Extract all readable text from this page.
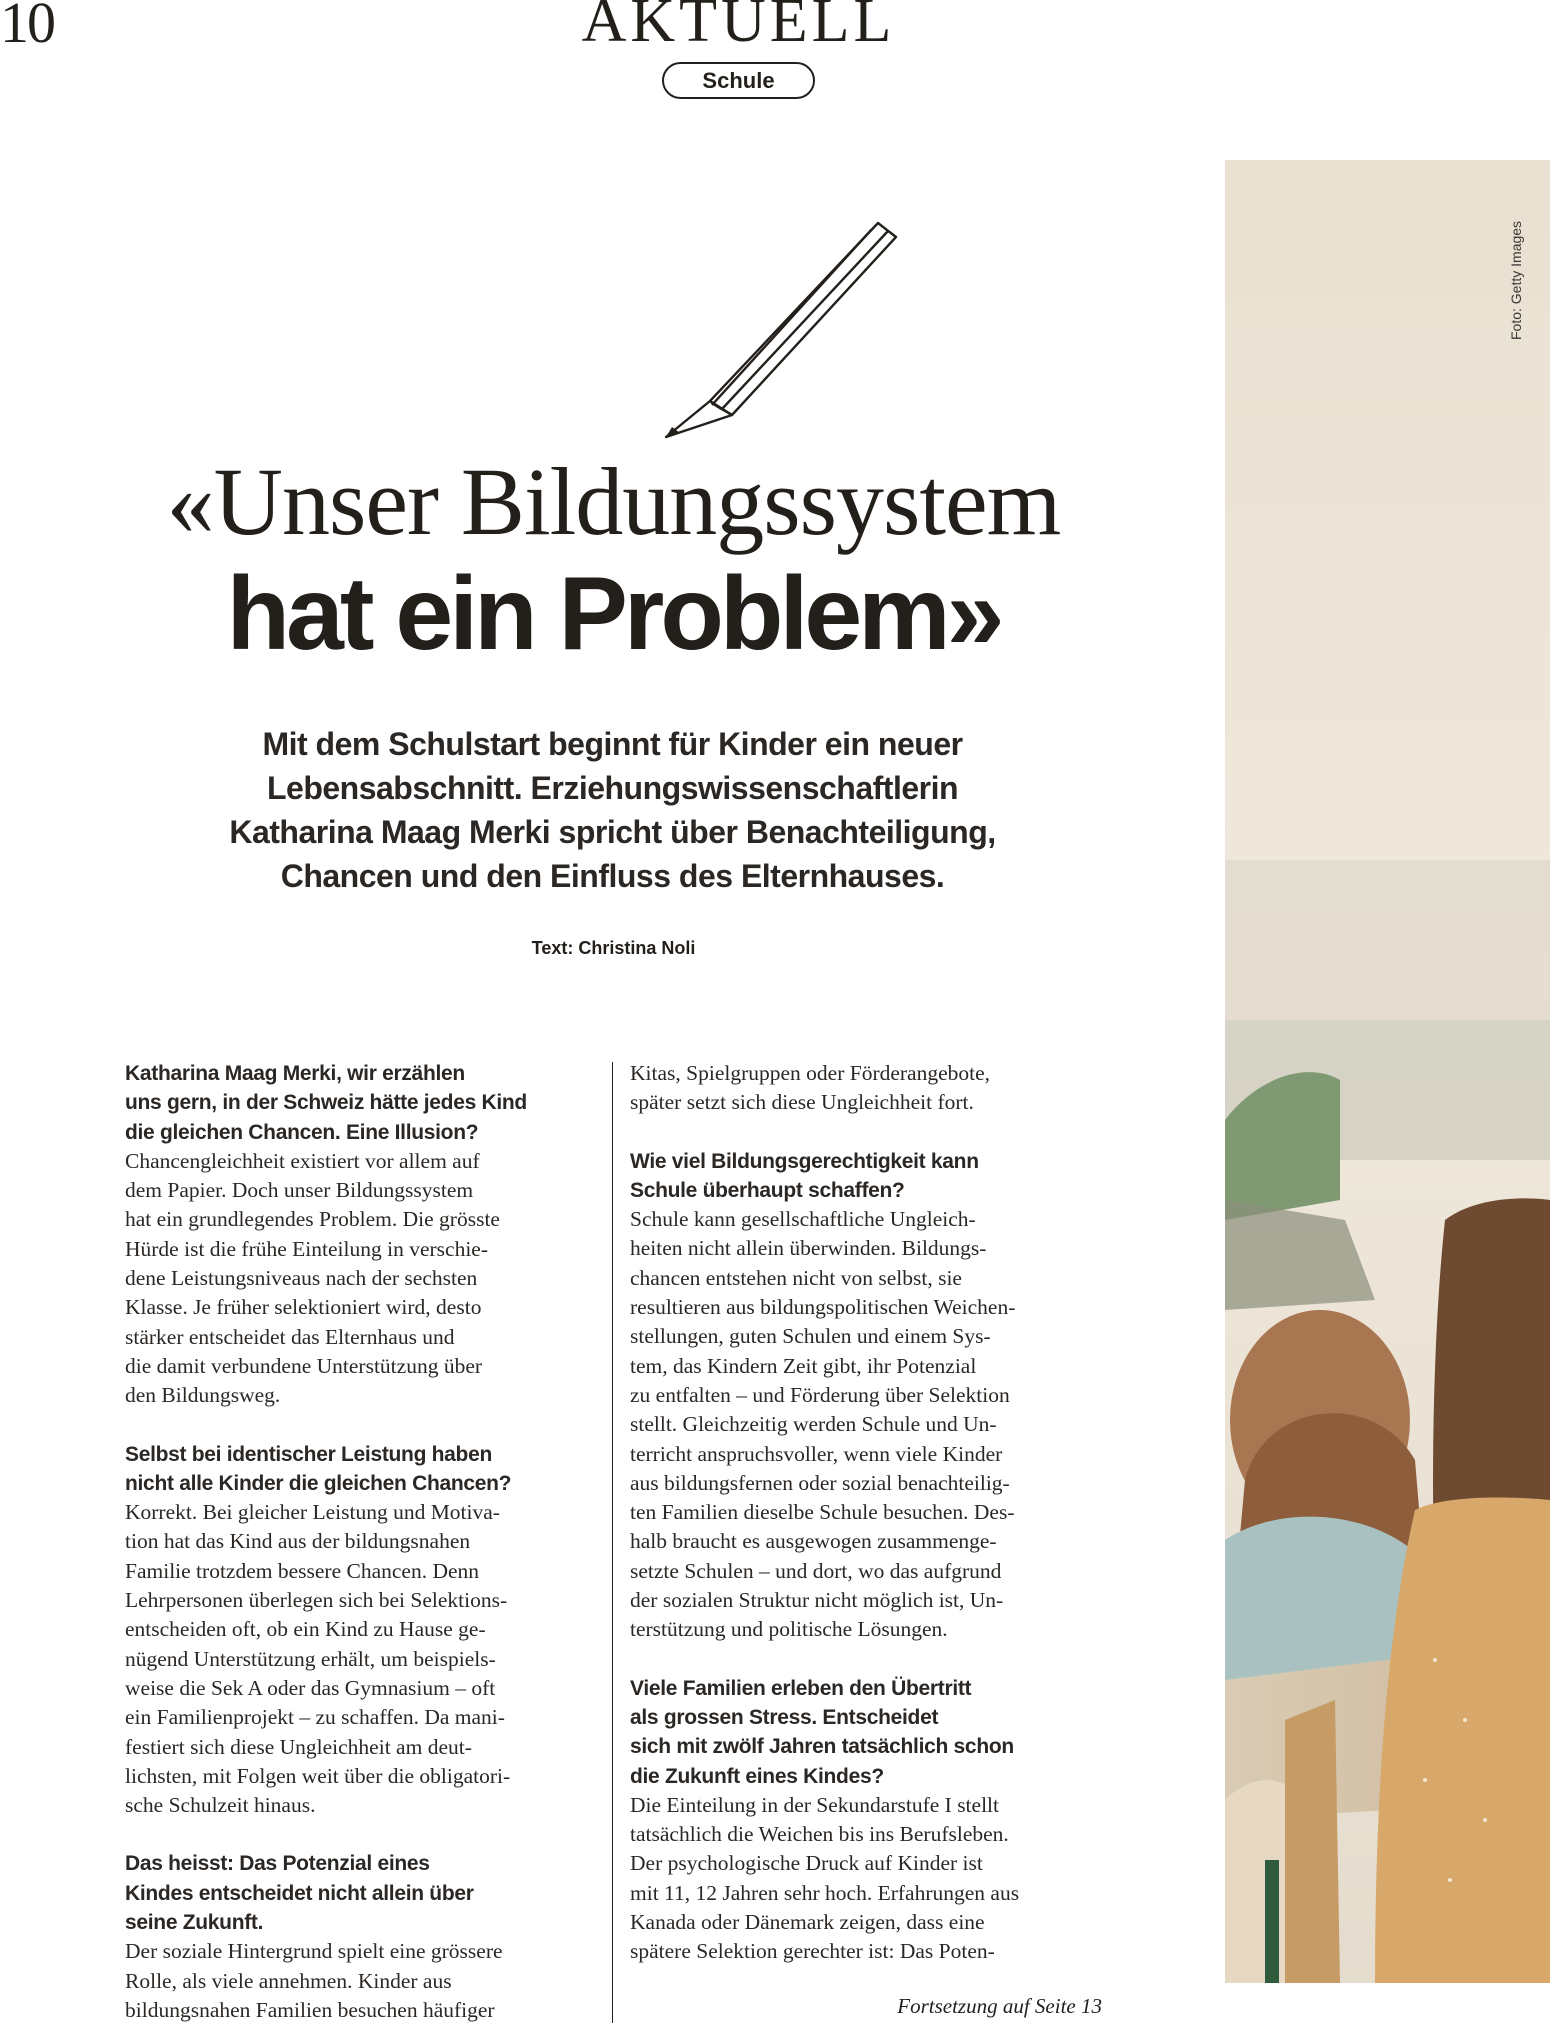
10	AKTUELL
Schule
«Unser Bildungssystem
hat ein Problem»
Mit dem Schulstart beginnt für Kinder ein neuer
Lebensabschnitt. Erziehungswissenschaftlerin
Katharina Maag Merki spricht über Benachteiligung,
Chancen und den Einfluss des Elternhauses.
Text: Christina Noli

Katharina Maag Merki, wir erzählen
uns gern, in der Schweiz hätte jedes Kind
die gleichen Chancen. Eine Illusion?

Chancengleichheit existiert vor allem auf
dem Papier. Doch unser Bildungssystem
hat ein grundlegendes Problem. Die grösste
Hürde ist die frühe Einteilung in verschie-
dene Leistungsniveaus nach der sechsten
Klasse. Je früher selektioniert wird, desto
stärker entscheidet das Elternhaus und
die damit verbundene Unterstützung über
den Bildungsweg.

Selbst bei identischer Leistung haben
nicht alle Kinder die gleichen Chancen?

Korrekt. Bei gleicher Leistung und Motiva-
tion hat das Kind aus der bildungsnahen
Familie trotzdem bessere Chancen. Denn
Lehrpersonen überlegen sich bei Selektions-
entscheiden oft, ob ein Kind zu Hause ge-
nügend Unterstützung erhält, um beispiels-
weise die Sek A oder das Gymnasium – oft
ein Familienprojekt – zu schaffen. Da mani-
festiert sich diese Ungleichheit am deut-
lichsten, mit Folgen weit über die obligatori-
sche Schulzeit hinaus.

Das heisst: Das Potenzial eines
Kindes entscheidet nicht allein über
seine Zukunft.

Der soziale Hintergrund spielt eine grössere
Rolle, als viele annehmen. Kinder aus
bildungsnahen Familien besuchen häufiger

Kitas, Spielgruppen oder Förderangebote,
später setzt sich diese Ungleichheit fort.

Wie viel Bildungsgerechtigkeit kann
Schule überhaupt schaffen?

Schule kann gesellschaftliche Ungleich-
heiten nicht allein überwinden. Bildungs-
chancen entstehen nicht von selbst, sie
resultieren aus bildungspolitischen Weichen-
stellungen, guten Schulen und einem Sys-
tem, das Kindern Zeit gibt, ihr Potenzial
zu entfalten – und Förderung über Selektion
stellt. Gleichzeitig werden Schule und Un-
terricht anspruchsvoller, wenn viele Kinder
aus bildungsfernen oder sozial benachteilig-
ten Familien dieselbe Schule besuchen. Des-
halb braucht es ausgewogen zusammenge-
setzte Schulen – und dort, wo das aufgrund
der sozialen Struktur nicht möglich ist, Un-
terstützung und politische Lösungen.

Viele Familien erleben den Übertritt
als grossen Stress. Entscheidet
sich mit zwölf Jahren tatsächlich schon
die Zukunft eines Kindes?

Die Einteilung in der Sekundarstufe I stellt
tatsächlich die Weichen bis ins Berufsleben.
Der psychologische Druck auf Kinder ist
mit 11, 12 Jahren sehr hoch. Erfahrungen aus
Kanada oder Dänemark zeigen, dass eine
spätere Selektion gerechter ist: Das Poten-

Fortsetzung auf Seite 13
Foto: Getty Images
